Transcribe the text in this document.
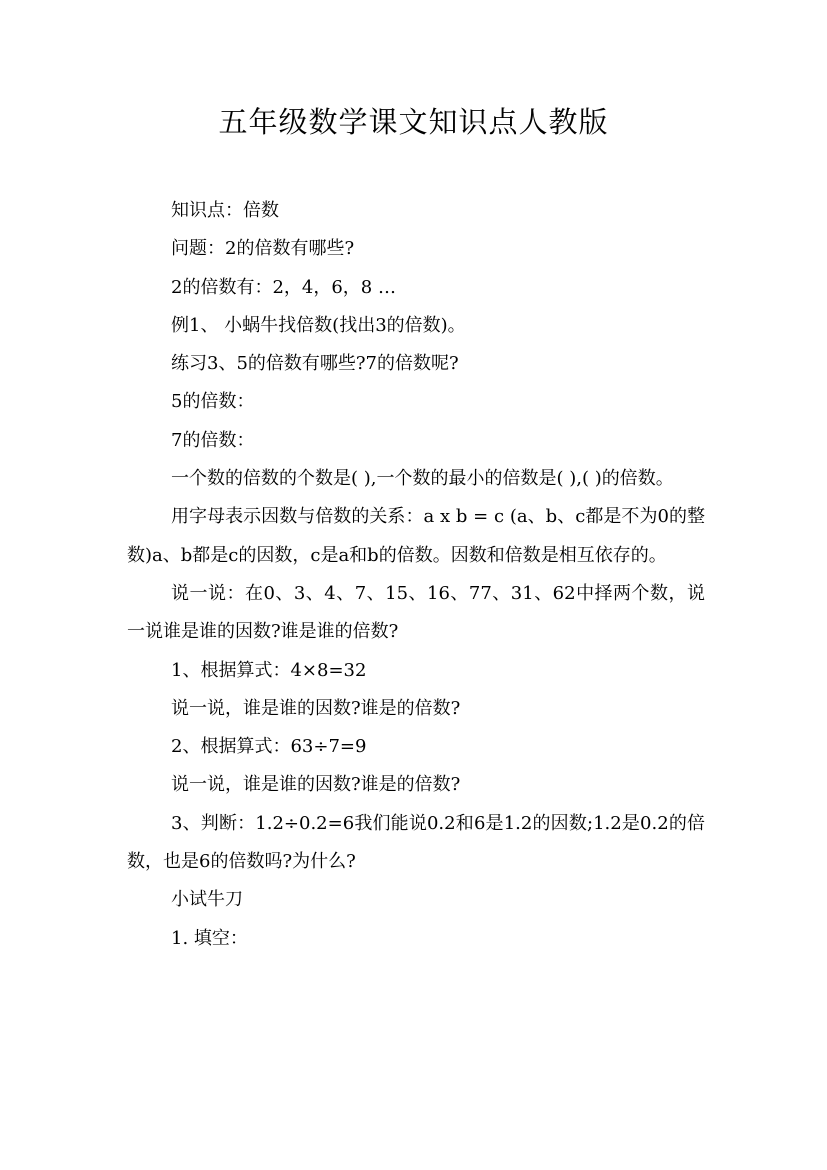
五年级数学课文知识点人教版

知识点：倍数

问题：2的倍数有哪些?

2的倍数有：2，4，6，8 …

例1、 小蜗牛找倍数(找出3的倍数)。

练习3、5的倍数有哪些?7的倍数呢?

5的倍数：

7的倍数：

一个数的倍数的个数是( ),一个数的最小的倍数是( ),( )的倍数。

用字母表示因数与倍数的关系：a x b = c (a、b、c都是不为0的整数)a、b都是c的因数，c是a和b的倍数。因数和倍数是相互依存的。

说一说：在0、3、4、7、15、16、77、31、62中择两个数，说一说谁是谁的因数?谁是谁的倍数?

1、根据算式：4×8=32

说一说，谁是谁的因数?谁是的倍数?

2、根据算式：63÷7=9

说一说，谁是谁的因数?谁是的倍数?

3、判断：1.2÷0.2=6我们能说0.2和6是1.2的因数;1.2是0.2的倍数，也是6的倍数吗?为什么?

小试牛刀

1. 填空：
